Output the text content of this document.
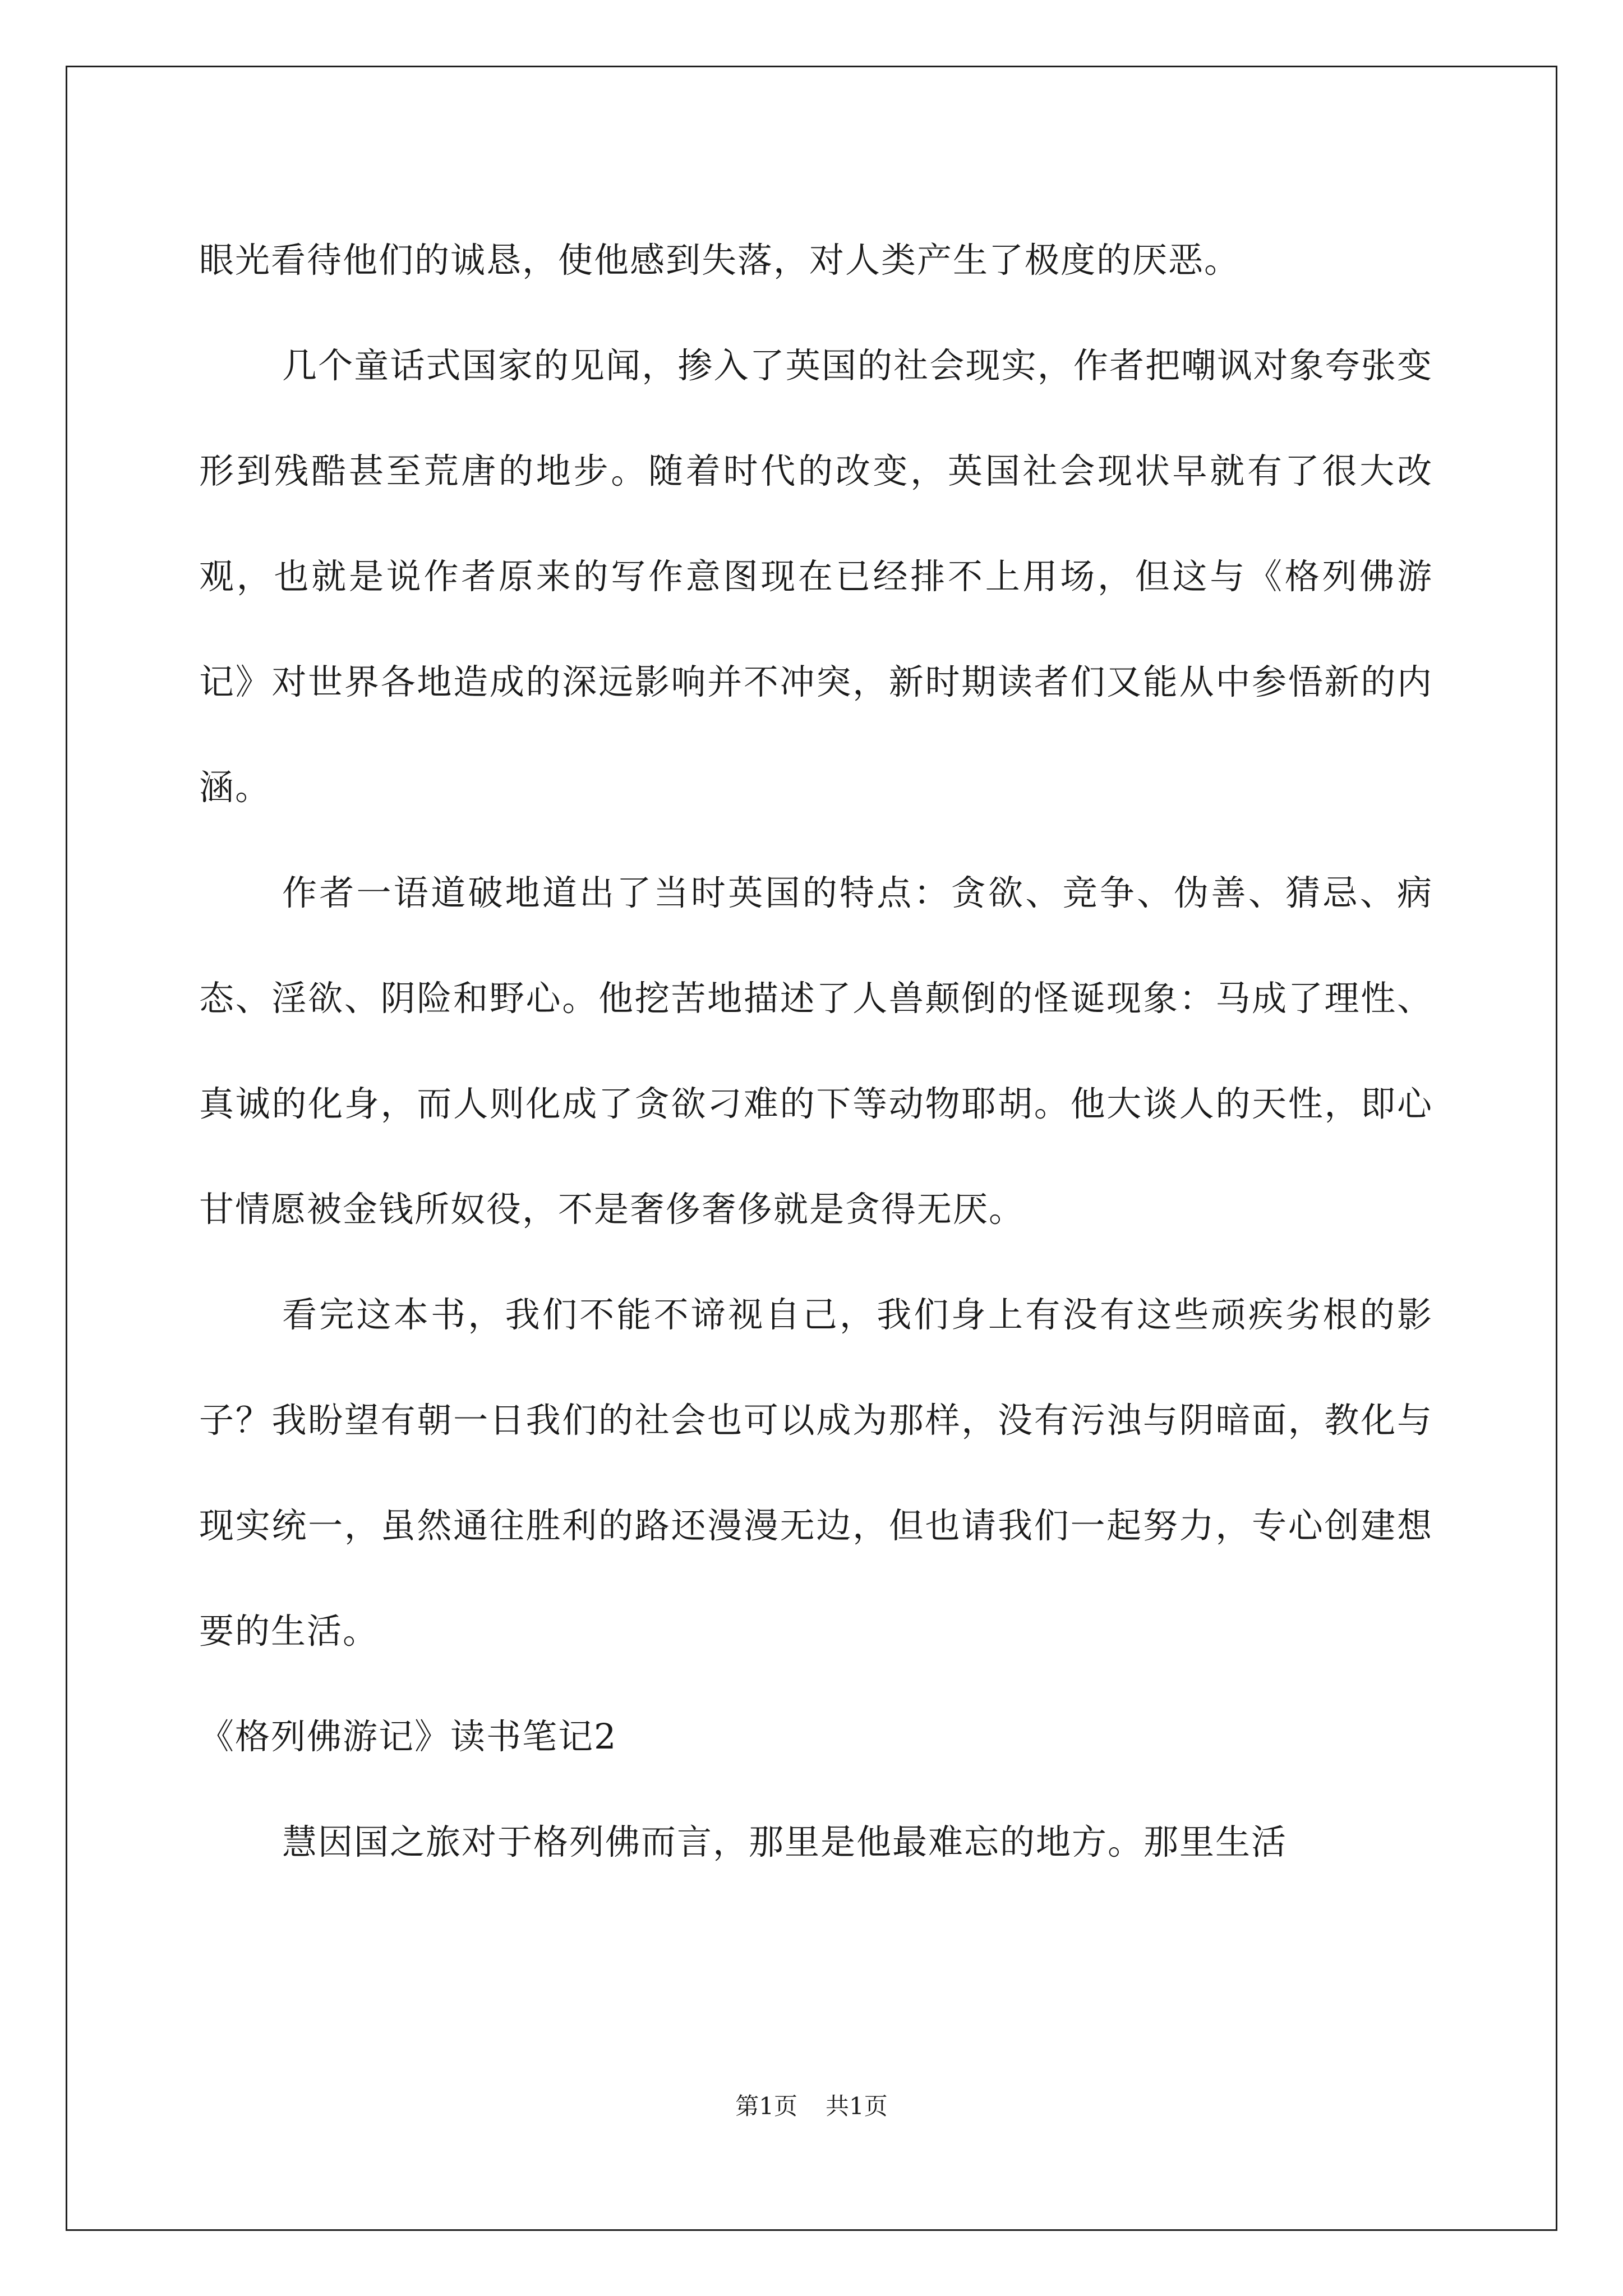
眼光看待他们的诚恳，使他感到失落，对人类产生了极度的厌恶。

几个童话式国家的见闻，掺入了英国的社会现实，作者把嘲讽对象夸张变形到残酷甚至荒唐的地步。随着时代的改变，英国社会现状早就有了很大改观，也就是说作者原来的写作意图现在已经排不上用场，但这与《格列佛游记》对世界各地造成的深远影响并不冲突，新时期读者们又能从中参悟新的内涵。

作者一语道破地道出了当时英国的特点：贪欲、竞争、伪善、猜忌、病态、淫欲、阴险和野心。他挖苦地描述了人兽颠倒的怪诞现象：马成了理性、真诚的化身，而人则化成了贪欲刁难的下等动物耶胡。他大谈人的天性，即心甘情愿被金钱所奴役，不是奢侈奢侈就是贪得无厌。

看完这本书，我们不能不谛视自己，我们身上有没有这些顽疾劣根的影子？我盼望有朝一日我们的社会也可以成为那样，没有污浊与阴暗面，教化与现实统一，虽然通往胜利的路还漫漫无边，但也请我们一起努力，专心创建想要的生活。

《格列佛游记》读书笔记2

慧因国之旅对于格列佛而言，那里是他最难忘的地方。那里生活

第1页 共1页
